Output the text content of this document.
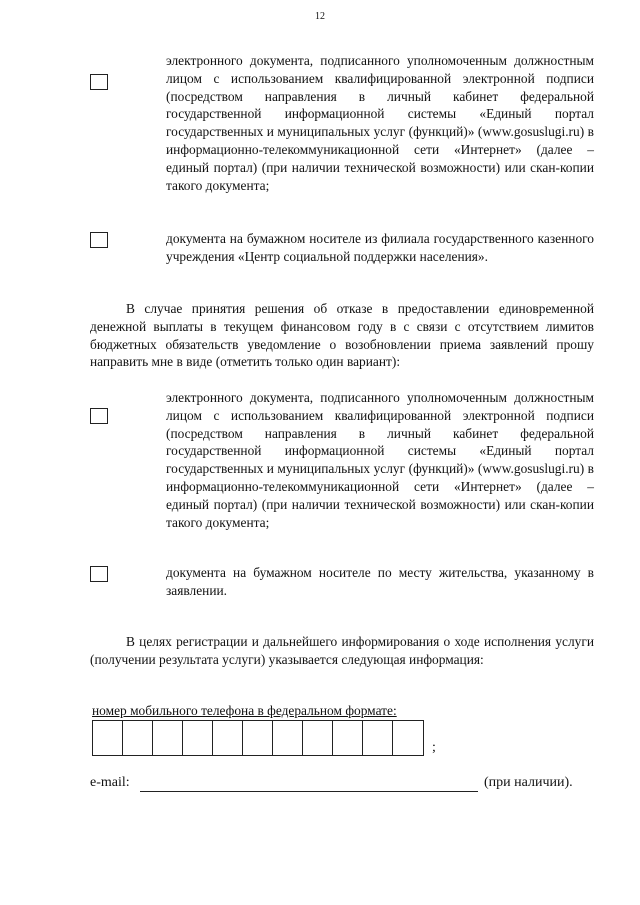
12
электронного документа, подписанного уполномоченным должностным лицом с использованием квалифицированной электронной подписи (посредством направления в личный кабинет федеральной государственной информационной системы «Единый портал государственных и муниципальных услуг (функций)» (www.gosuslugi.ru) в информационно-телекоммуникационной сети «Интернет» (далее – единый портал) (при наличии технической возможности) или скан-копии такого документа;
документа на бумажном носителе из филиала государственного казенного учреждения «Центр социальной поддержки населения».
В случае принятия решения об отказе в предоставлении единовременной денежной выплаты в текущем финансовом году в с связи с отсутствием лимитов бюджетных обязательств уведомление о возобновлении приема заявлений прошу направить мне в виде (отметить только один вариант):
электронного документа, подписанного уполномоченным должностным лицом с использованием квалифицированной электронной подписи (посредством направления в личный кабинет федеральной государственной информационной системы «Единый портал государственных и муниципальных услуг (функций)» (www.gosuslugi.ru) в информационно-телекоммуникационной сети «Интернет» (далее – единый портал) (при наличии технической возможности) или скан-копии такого документа;
документа на бумажном носителе по месту жительства, указанному в заявлении.
В целях регистрации и дальнейшего информирования о ходе исполнения услуги (получении результата услуги) указывается следующая информация:
номер мобильного телефона в федеральном формате:
;
e-mail:	(при наличии).
